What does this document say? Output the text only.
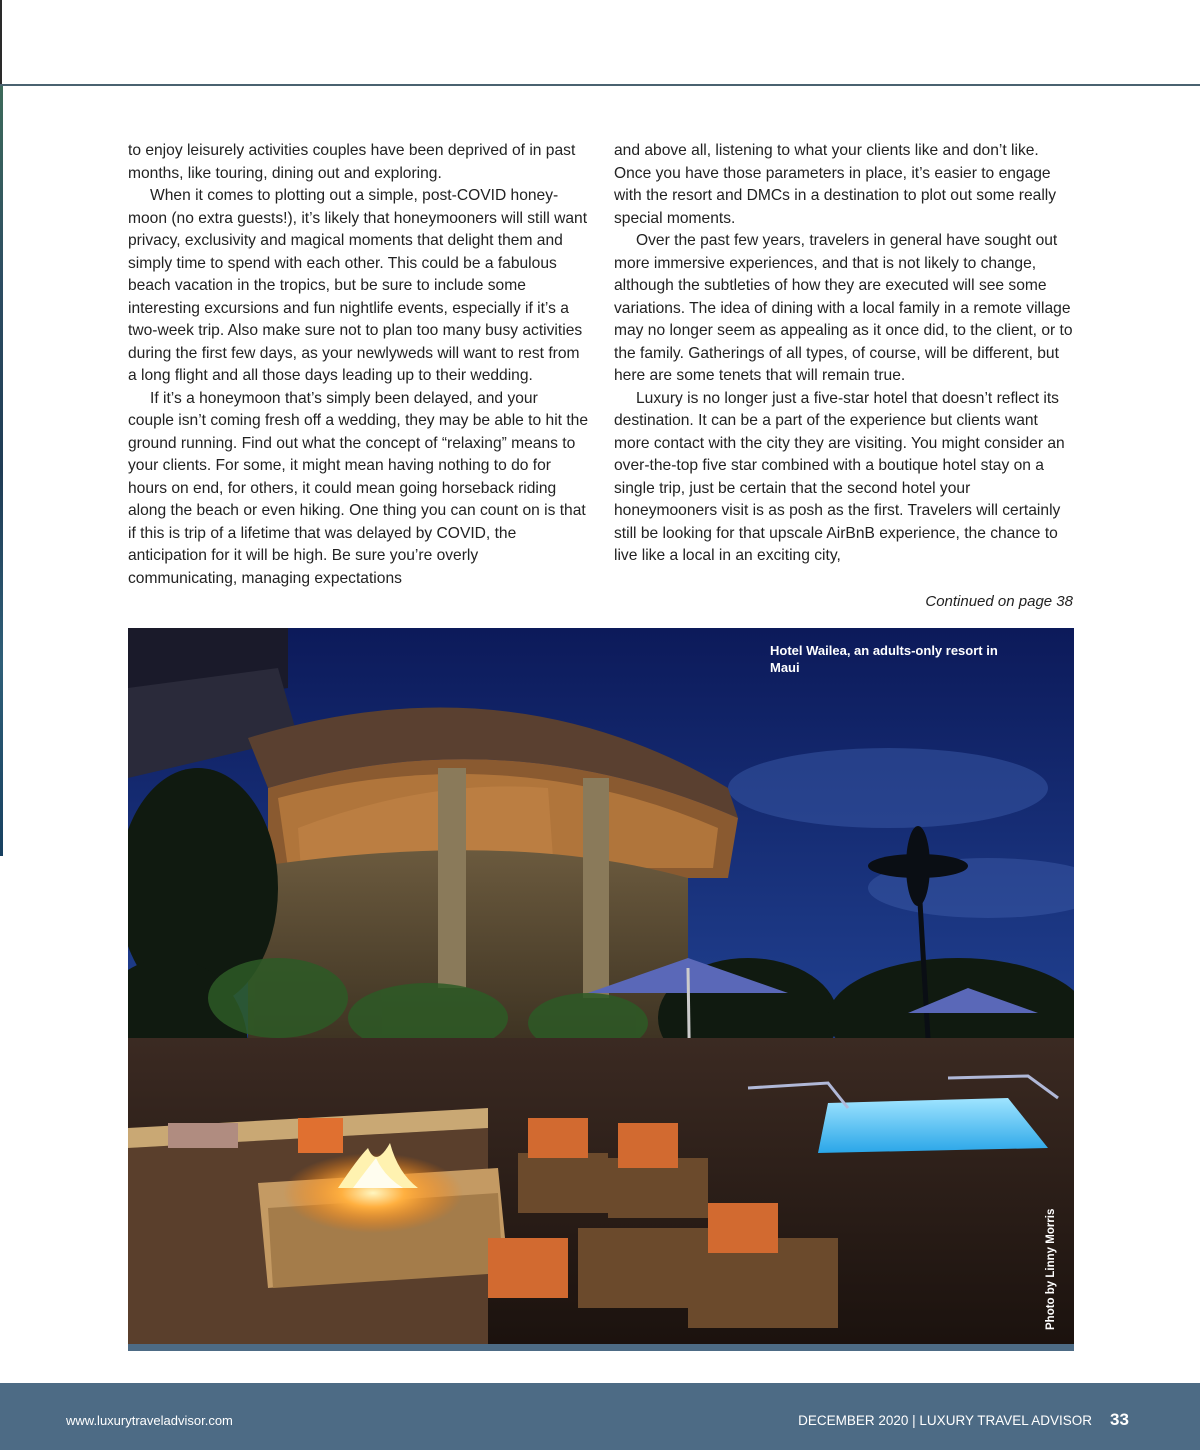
to enjoy leisurely activities couples have been deprived of in past months, like touring, dining out and exploring.

When it comes to plotting out a simple, post-COVID honey-moon (no extra guests!), it’s likely that honeymooners will still want privacy, exclusivity and magical moments that delight them and simply time to spend with each other. This could be a fabulous beach vacation in the tropics, but be sure to include some interesting excursions and fun nightlife events, especially if it’s a two-week trip. Also make sure not to plan too many busy activities during the first few days, as your newlyweds will want to rest from a long flight and all those days leading up to their wedding.

If it’s a honeymoon that’s simply been delayed, and your couple isn’t coming fresh off a wedding, they may be able to hit the ground running. Find out what the concept of “relaxing” means to your clients. For some, it might mean having nothing to do for hours on end, for others, it could mean going horseback riding along the beach or even hiking. One thing you can count on is that if this is trip of a lifetime that was delayed by COVID, the anticipation for it will be high. Be sure you’re overly communicating, managing expectations

and above all, listening to what your clients like and don’t like. Once you have those parameters in place, it’s easier to engage with the resort and DMCs in a destination to plot out some really special moments.

Over the past few years, travelers in general have sought out more immersive experiences, and that is not likely to change, although the subtleties of how they are executed will see some variations. The idea of dining with a local family in a remote village may no longer seem as appealing as it once did, to the client, or to the family. Gatherings of all types, of course, will be different, but here are some tenets that will remain true.

Luxury is no longer just a five-star hotel that doesn’t reflect its destination. It can be a part of the experience but clients want more contact with the city they are visiting. You might consider an over-the-top five star combined with a boutique hotel stay on a single trip, just be certain that the second hotel your honeymooners visit is as posh as the first. Travelers will certainly still be looking for that upscale AirBnB experience, the chance to live like a local in an exciting city,

Continued on page 38
Hotel Wailea, an adults-only resort in Maui
Photo by Linny Morris
www.luxurytraveladvisor.com	DECEMBER 2020 | LUXURY TRAVEL ADVISOR 33
